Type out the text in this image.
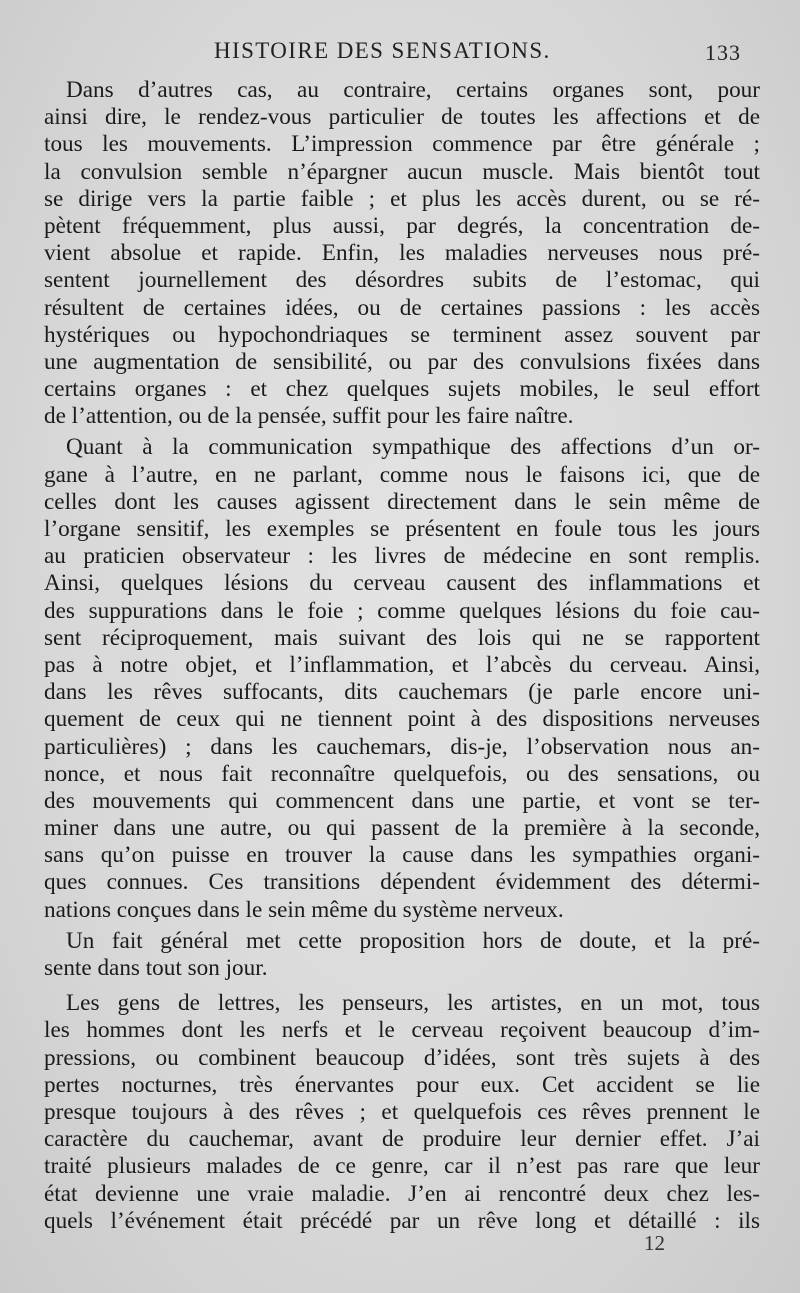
HISTOIRE DES SENSATIONS.	133
Dans d’autres cas, au contraire, certains organes sont, pour
ainsi dire, le rendez-vous particulier de toutes les affections et de
tous les mouvements. L’impression commence par être générale ;
la convulsion semble n’épargner aucun muscle. Mais bientôt tout
se dirige vers la partie faible ; et plus les accès durent, ou se ré-
pètent fréquemment, plus aussi, par degrés, la concentration de-
vient absolue et rapide. Enfin, les maladies nerveuses nous pré-
sentent journellement des désordres subits de l’estomac, qui
résultent de certaines idées, ou de certaines passions : les accès
hystériques ou hypochondriaques se terminent assez souvent par
une augmentation de sensibilité, ou par des convulsions fixées dans
certains organes : et chez quelques sujets mobiles, le seul effort
de l’attention, ou de la pensée, suffit pour les faire naître.
Quant à la communication sympathique des affections d’un or-
gane à l’autre, en ne parlant, comme nous le faisons ici, que de
celles dont les causes agissent directement dans le sein même de
l’organe sensitif, les exemples se présentent en foule tous les jours
au praticien observateur : les livres de médecine en sont remplis.
Ainsi, quelques lésions du cerveau causent des inflammations et
des suppurations dans le foie ; comme quelques lésions du foie cau-
sent réciproquement, mais suivant des lois qui ne se rapportent
pas à notre objet, et l’inflammation, et l’abcès du cerveau. Ainsi,
dans les rêves suffocants, dits cauchemars (je parle encore uni-
quement de ceux qui ne tiennent point à des dispositions nerveuses
particulières) ; dans les cauchemars, dis-je, l’observation nous an-
nonce, et nous fait reconnaître quelquefois, ou des sensations, ou
des mouvements qui commencent dans une partie, et vont se ter-
miner dans une autre, ou qui passent de la première à la seconde,
sans qu’on puisse en trouver la cause dans les sympathies organi-
ques connues. Ces transitions dépendent évidemment des détermi-
nations conçues dans le sein même du système nerveux.
Un fait général met cette proposition hors de doute, et la pré-
sente dans tout son jour.
Les gens de lettres, les penseurs, les artistes, en un mot, tous
les hommes dont les nerfs et le cerveau reçoivent beaucoup d’im-
pressions, ou combinent beaucoup d’idées, sont très sujets à des
pertes nocturnes, très énervantes pour eux. Cet accident se lie
presque toujours à des rêves ; et quelquefois ces rêves prennent le
caractère du cauchemar, avant de produire leur dernier effet. J’ai
traité plusieurs malades de ce genre, car il n’est pas rare que leur
état devienne une vraie maladie. J’en ai rencontré deux chez les-
quels l’événement était précédé par un rêve long et détaillé : ils
12
